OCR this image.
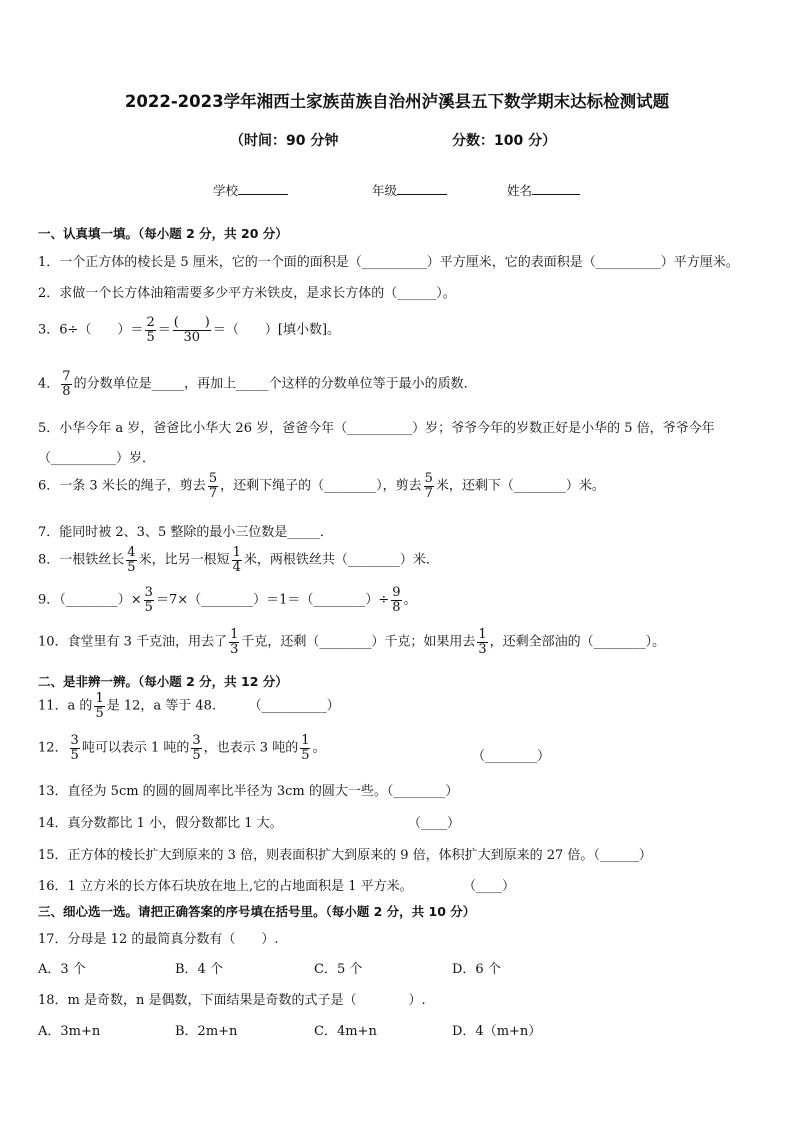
2022-2023学年湘西土家族苗族自治州泸溪县五下数学期末达标检测试题
（时间：90 分钟	分数：100 分）
学校	年级	姓名
一、认真填一填。（每小题 2 分，共 20 分）
1．一个正方体的棱长是 5 厘米，它的一个面的面积是（__________）平方厘米，它的表面积是（__________）平方厘米。
2．求做一个长方体油箱需要多少平方米铁皮，是求长方体的（______）。
3．6÷（　　）＝ $\frac{2}{5} = \frac{( )}{30}$ ＝（　　）[填小数]。
4． $\frac{7}{8}$ 的分数单位是_____，再加上_____个这样的分数单位等于最小的质数．
5．小华今年 a 岁，爸爸比小华大 26 岁，爸爸今年（__________）岁；爷爷今年的岁数正好是小华的 5 倍，爷爷今年
（__________）岁．
6．一条 3 米长的绳子，剪去 $\frac{5}{7}$ ，还剩下绳子的（________），剪去 $\frac{5}{7}$ 米，还剩下（________）米。
7．能同时被 2、3、5 整除的最小三位数是_____．
8．一根铁丝长 $\frac{4}{5}$ 米，比另一根短 $\frac{1}{4}$ 米，两根铁丝共（________）米．
9．（________）× $\frac{3}{5}$ ＝7×（________）＝1＝（________）÷ $\frac{9}{8}$ 。
10．食堂里有 3 千克油，用去了 $\frac{1}{3}$ 千克，还剩（________）千克；如果用去 $\frac{1}{3}$ ，还剩全部油的（________）。
二、是非辨一辨。（每小题 2 分，共 12 分）
11．a 的 $\frac{1}{5}$ 是 12，a 等于 48.　　　（__________）
12． $\frac{3}{5}$ 吨可以表示 1 吨的 $\frac{3}{5}$ ，也表示 3 吨的 $\frac{1}{5}$ 。
（________）
13．直径为 5cm 的圆的圆周率比半径为 3cm 的圆大一些。（________）
14．真分数都比 1 小，假分数都比 1 大。	（____）
15．正方体的棱长扩大到原来的 3 倍，则表面积扩大到原来的 9 倍，体积扩大到原来的 27 倍。（______）
16．1 立方米的长方体石块放在地上,它的占地面积是 1 平方米。	（____）
三、细心选一选。请把正确答案的序号填在括号里。（每小题 2 分，共 10 分）
17．分母是 12 的最简真分数有（　　）.
A．3 个	B．4 个	C．5 个	D．6 个
18．m 是奇数，n 是偶数，下面结果是奇数的式子是（　　　　）.
A．3m+n	B．2m+n	C．4m+n	D．4（m+n）
